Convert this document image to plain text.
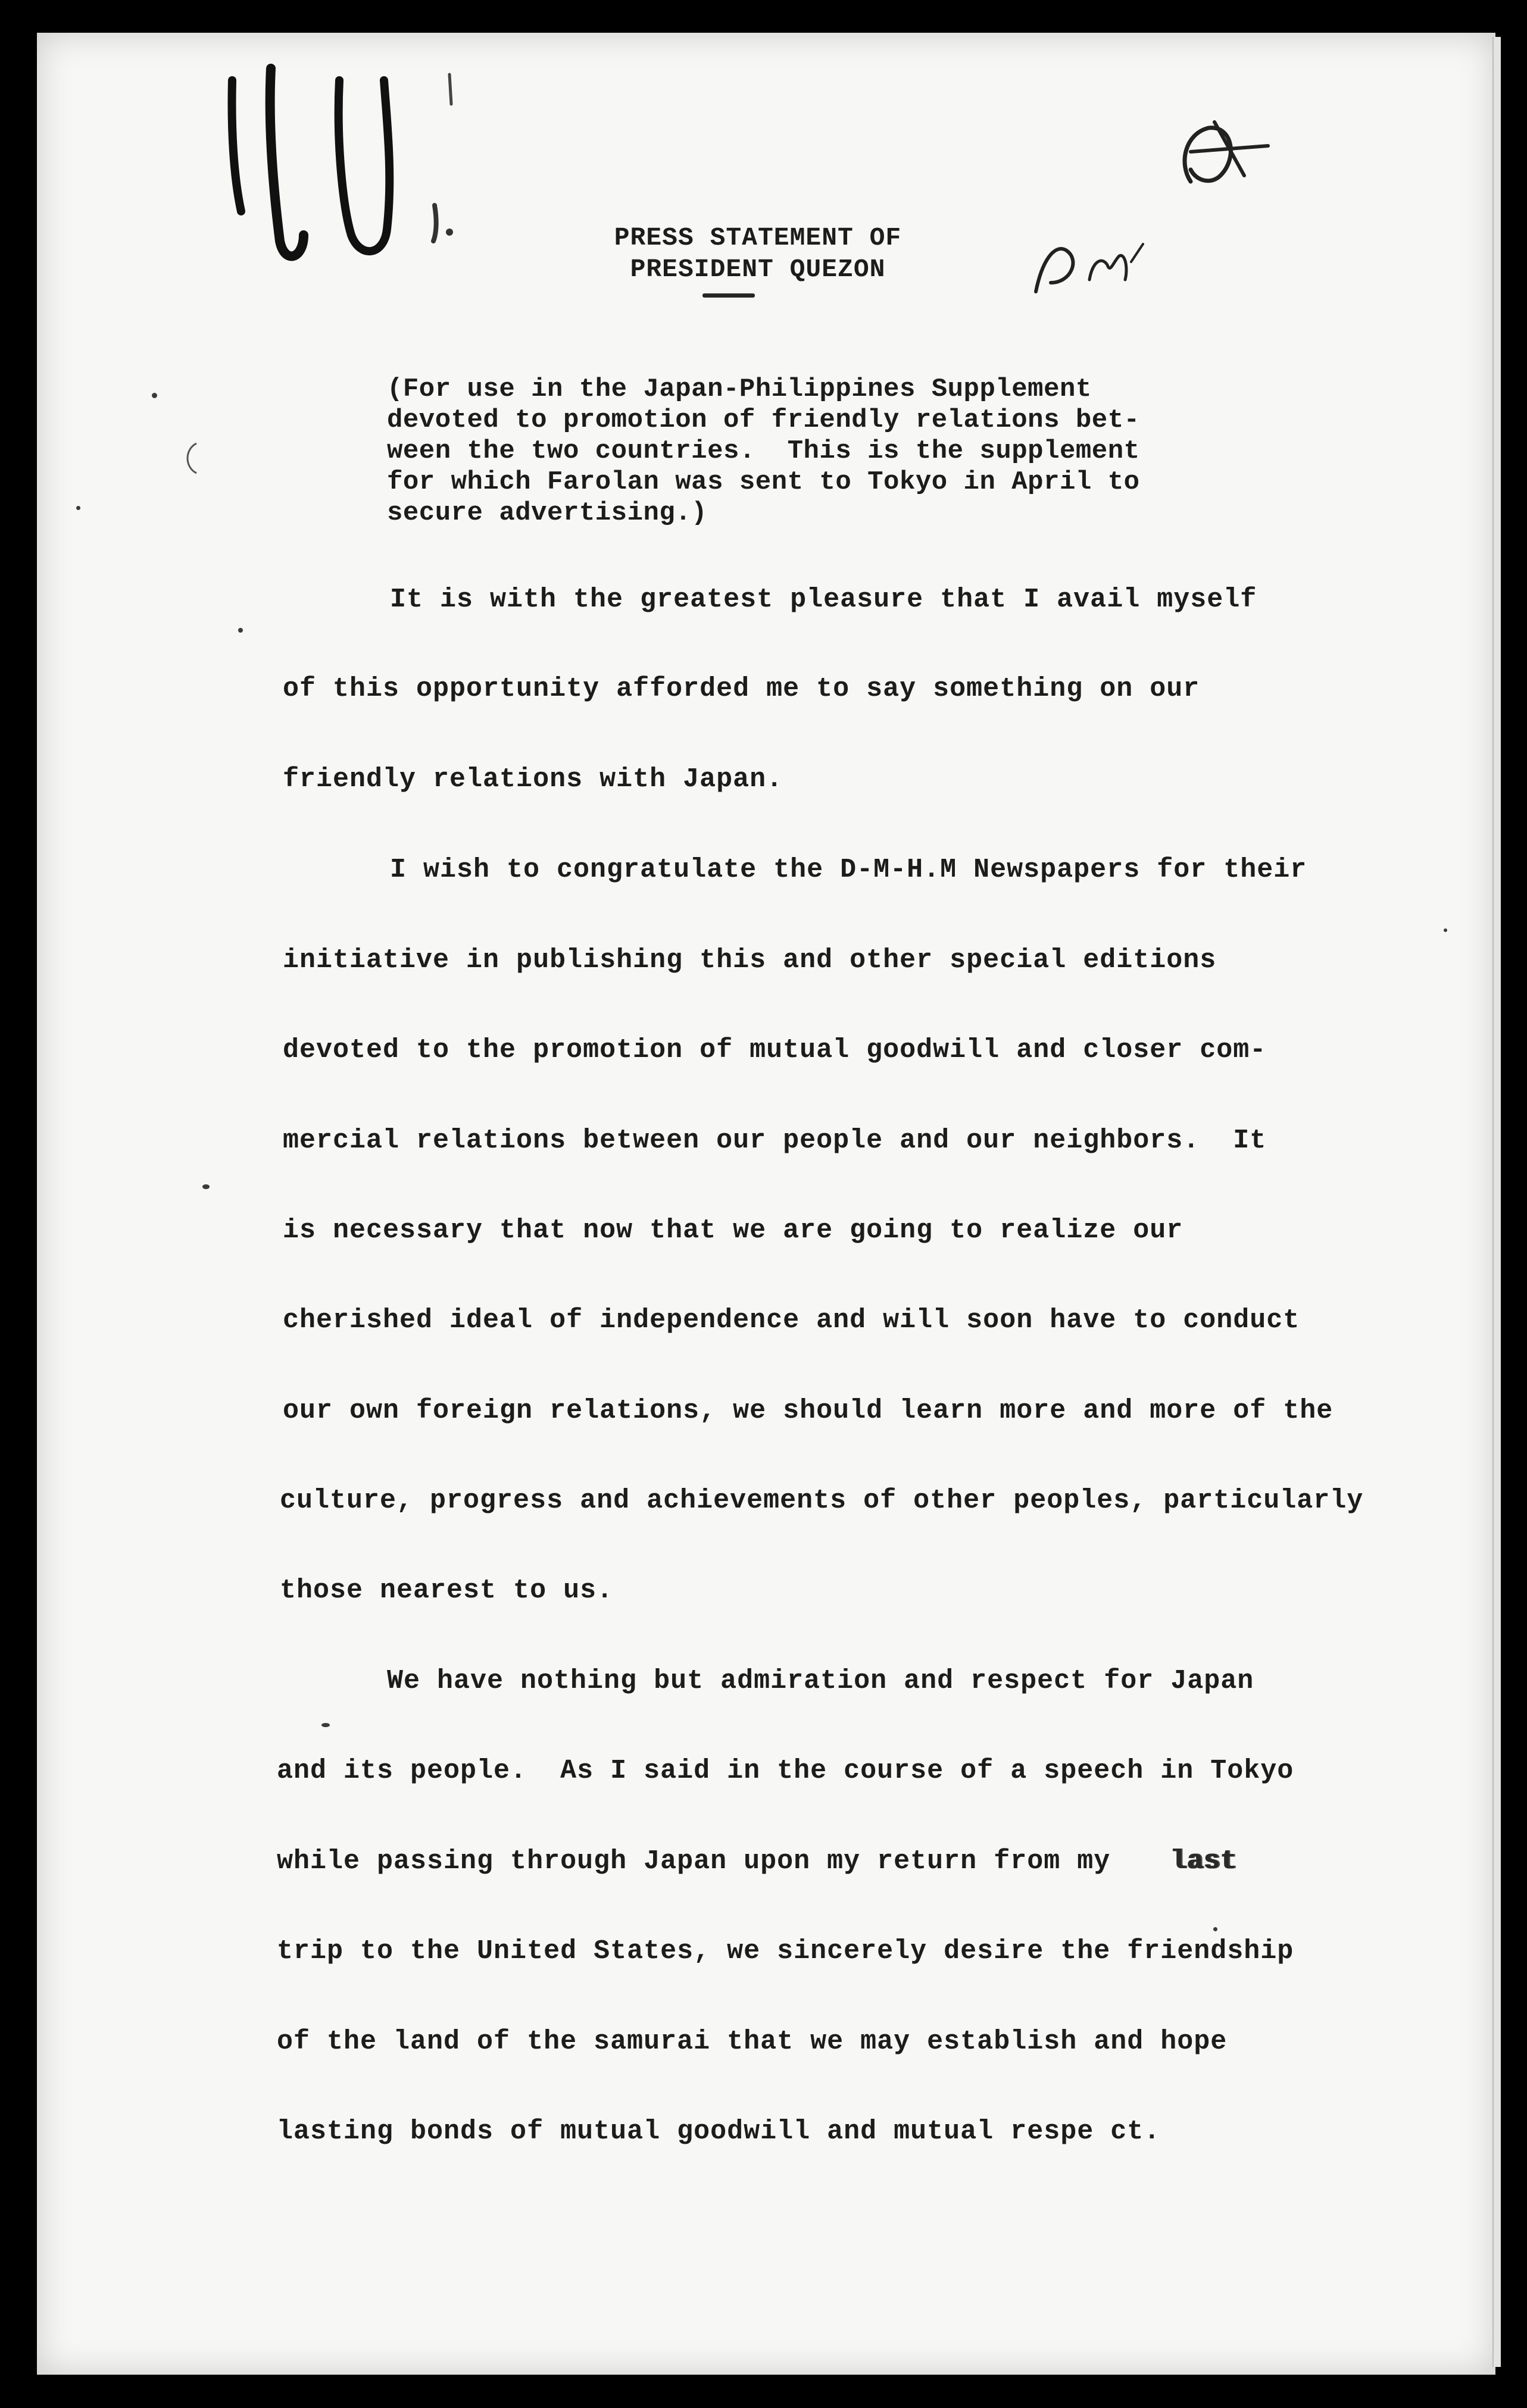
PRESS STATEMENT OF
PRESIDENT QUEZON
(For use in the Japan-Philippines Supplement
devoted to promotion of friendly relations bet-
ween the two countries.  This is the supplement
for which Farolan was sent to Tokyo in April to
secure advertising.)
It is with the greatest pleasure that I avail myself
of this opportunity afforded me to say something on our
friendly relations with Japan.
I wish to congratulate the D-M-H.M Newspapers for their
initiative in publishing this and other special editions
devoted to the promotion of mutual goodwill and closer com-
mercial relations between our people and our neighbors.  It
is necessary that now that we are going to realize our
cherished ideal of independence and will soon have to conduct
our own foreign relations, we should learn more and more of the
culture, progress and achievements of other peoples, particularly
those nearest to us.
We have nothing but admiration and respect for Japan
and its people.  As I said in the course of a speech in Tokyo
while passing through Japan upon my return from my last
trip to the United States, we sincerely desire the friendship
of the land of the samurai that we may establish and hope
lasting bonds of mutual goodwill and mutual respe ct.
